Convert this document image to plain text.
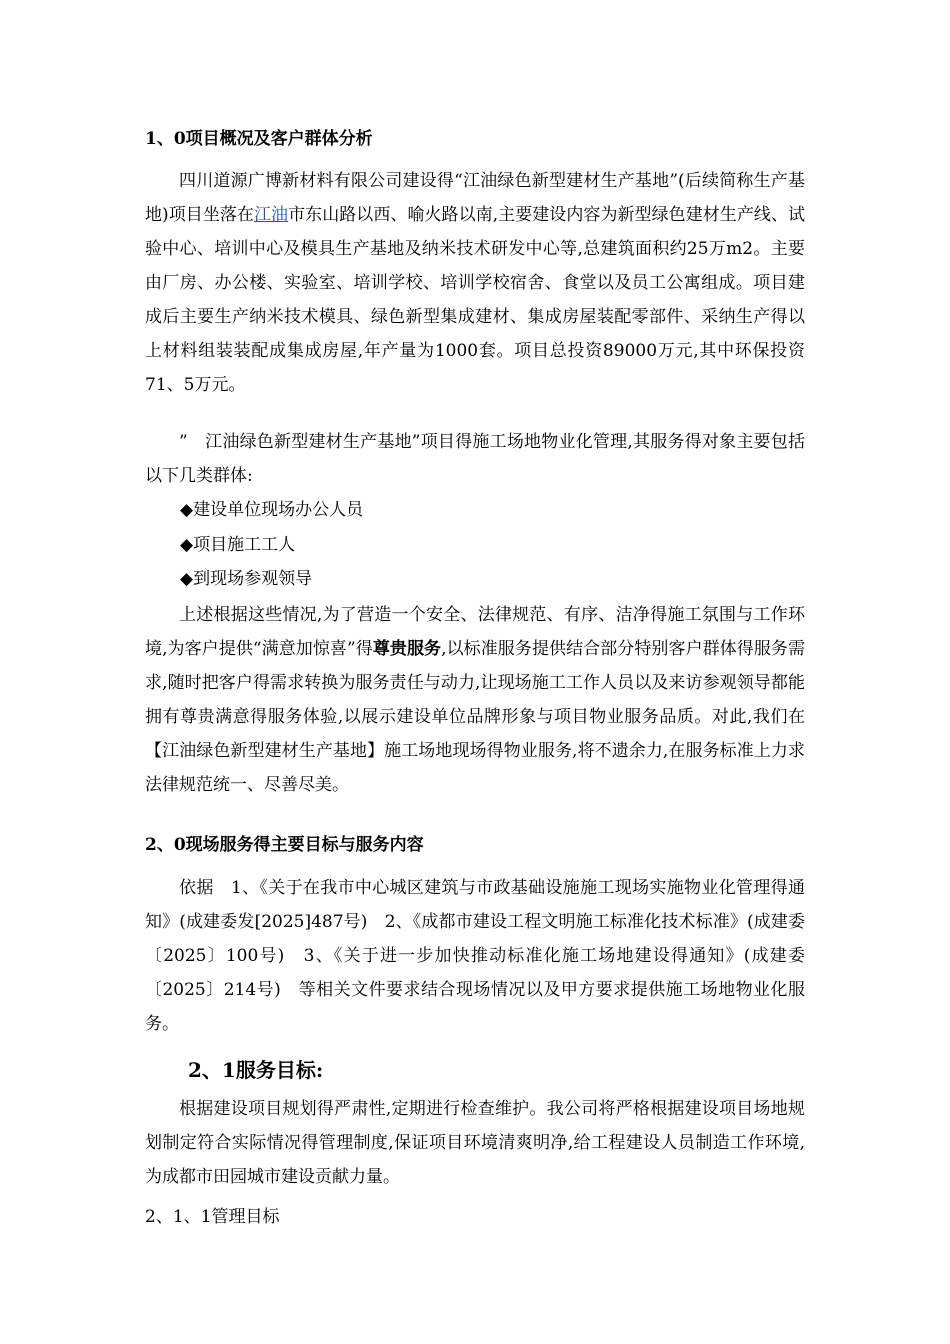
1、0项目概况及客户群体分析

四川道源广博新材料有限公司建设得“江油绿色新型建材生产基地”(后续简称生产基地)项目坐落在江油市东山路以西、喻火路以南,主要建设内容为新型绿色建材生产线、试验中心、培训中心及模具生产基地及纳米技术研发中心等,总建筑面积约25万m2。主要由厂房、办公楼、实验室、培训学校、培训学校宿舍、食堂以及员工公寓组成。项目建成后主要生产纳米技术模具、绿色新型集成建材、集成房屋装配零部件、采纳生产得以上材料组装装配成集成房屋,年产量为1000套。项目总投资89000万元,其中环保投资71、5万元。

”　江油绿色新型建材生产基地”项目得施工场地物业化管理,其服务得对象主要包括以下几类群体:

◆建设单位现场办公人员
◆项目施工工人
◆到现场参观领导

上述根据这些情况,为了营造一个安全、法律规范、有序、洁净得施工氛围与工作环境,为客户提供“满意加惊喜”得尊贵服务,以标准服务提供结合部分特别客户群体得服务需求,随时把客户得需求转换为服务责任与动力,让现场施工工作人员以及来访参观领导都能拥有尊贵满意得服务体验,以展示建设单位品牌形象与项目物业服务品质。对此,我们在【江油绿色新型建材生产基地】施工场地现场得物业服务,将不遗余力,在服务标准上力求法律规范统一、尽善尽美。

2、0现场服务得主要目标与服务内容

依据　1、《关于在我市中心城区建筑与市政基础设施施工现场实施物业化管理得通知》(成建委发[2025]487号)　2、《成都市建设工程文明施工标准化技术标准》(成建委〔2025〕100号)　3、《关于进一步加快推动标准化施工场地建设得通知》(成建委〔2025〕214号)　等相关文件要求结合现场情况以及甲方要求提供施工场地物业化服务。

2、1服务目标:

根据建设项目规划得严肃性,定期进行检查维护。我公司将严格根据建设项目场地规划制定符合实际情况得管理制度,保证项目环境清爽明净,给工程建设人员制造工作环境,为成都市田园城市建设贡献力量。

2、1、1管理目标
